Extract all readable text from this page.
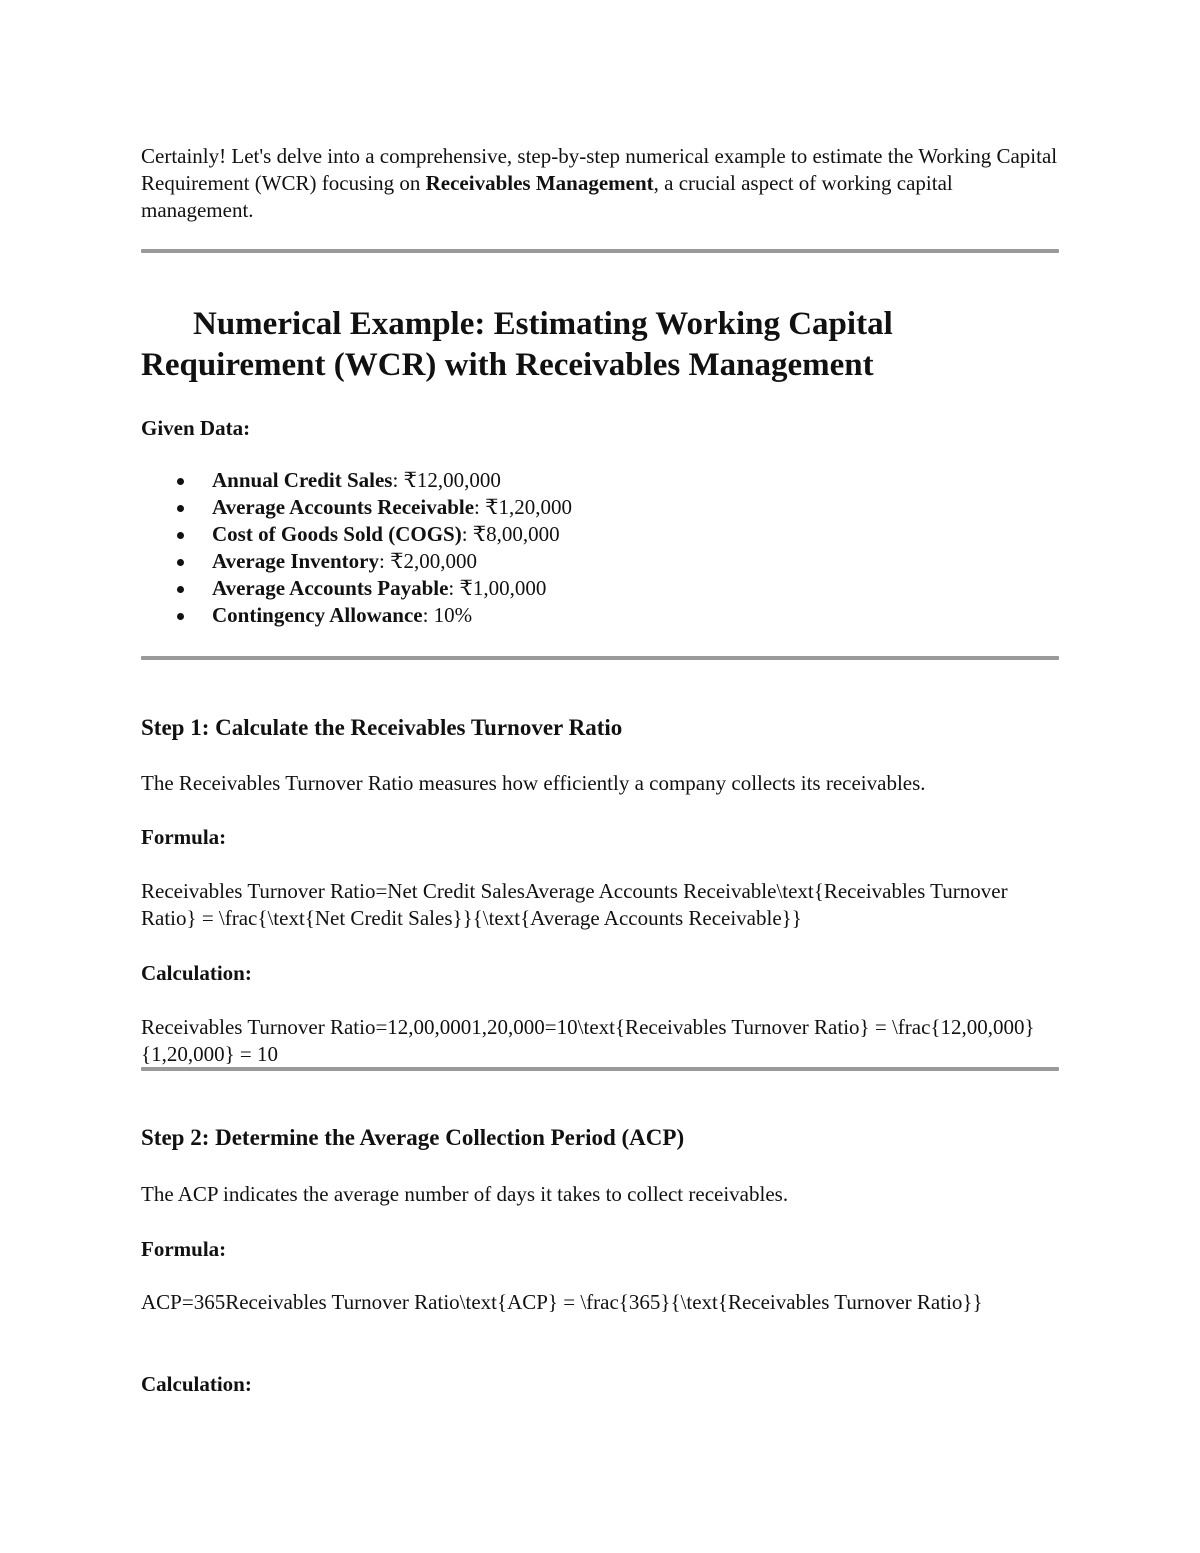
Certainly! Let's delve into a comprehensive, step-by-step numerical example to estimate the Working Capital Requirement (WCR) focusing on Receivables Management, a crucial aspect of working capital management.

Numerical Example: Estimating Working Capital Requirement (WCR) with Receivables Management

Given Data:

Annual Credit Sales: ₹12,00,000
Average Accounts Receivable: ₹1,20,000
Cost of Goods Sold (COGS): ₹8,00,000
Average Inventory: ₹2,00,000
Average Accounts Payable: ₹1,00,000
Contingency Allowance: 10%
Step 1: Calculate the Receivables Turnover Ratio

The Receivables Turnover Ratio measures how efficiently a company collects its receivables.

Formula:

Receivables Turnover Ratio=Net Credit SalesAverage Accounts Receivable\text{Receivables Turnover Ratio} = \frac{\text{Net Credit Sales}}{\text{Average Accounts Receivable}}

Calculation:

Receivables Turnover Ratio=12,00,0001,20,000=10\text{Receivables Turnover Ratio} = \frac{12,00,000}{1,20,000} = 10

Step 2: Determine the Average Collection Period (ACP)

The ACP indicates the average number of days it takes to collect receivables.

Formula:

ACP=365Receivables Turnover Ratio\text{ACP} = \frac{365}{\text{Receivables Turnover Ratio}}

Calculation:
